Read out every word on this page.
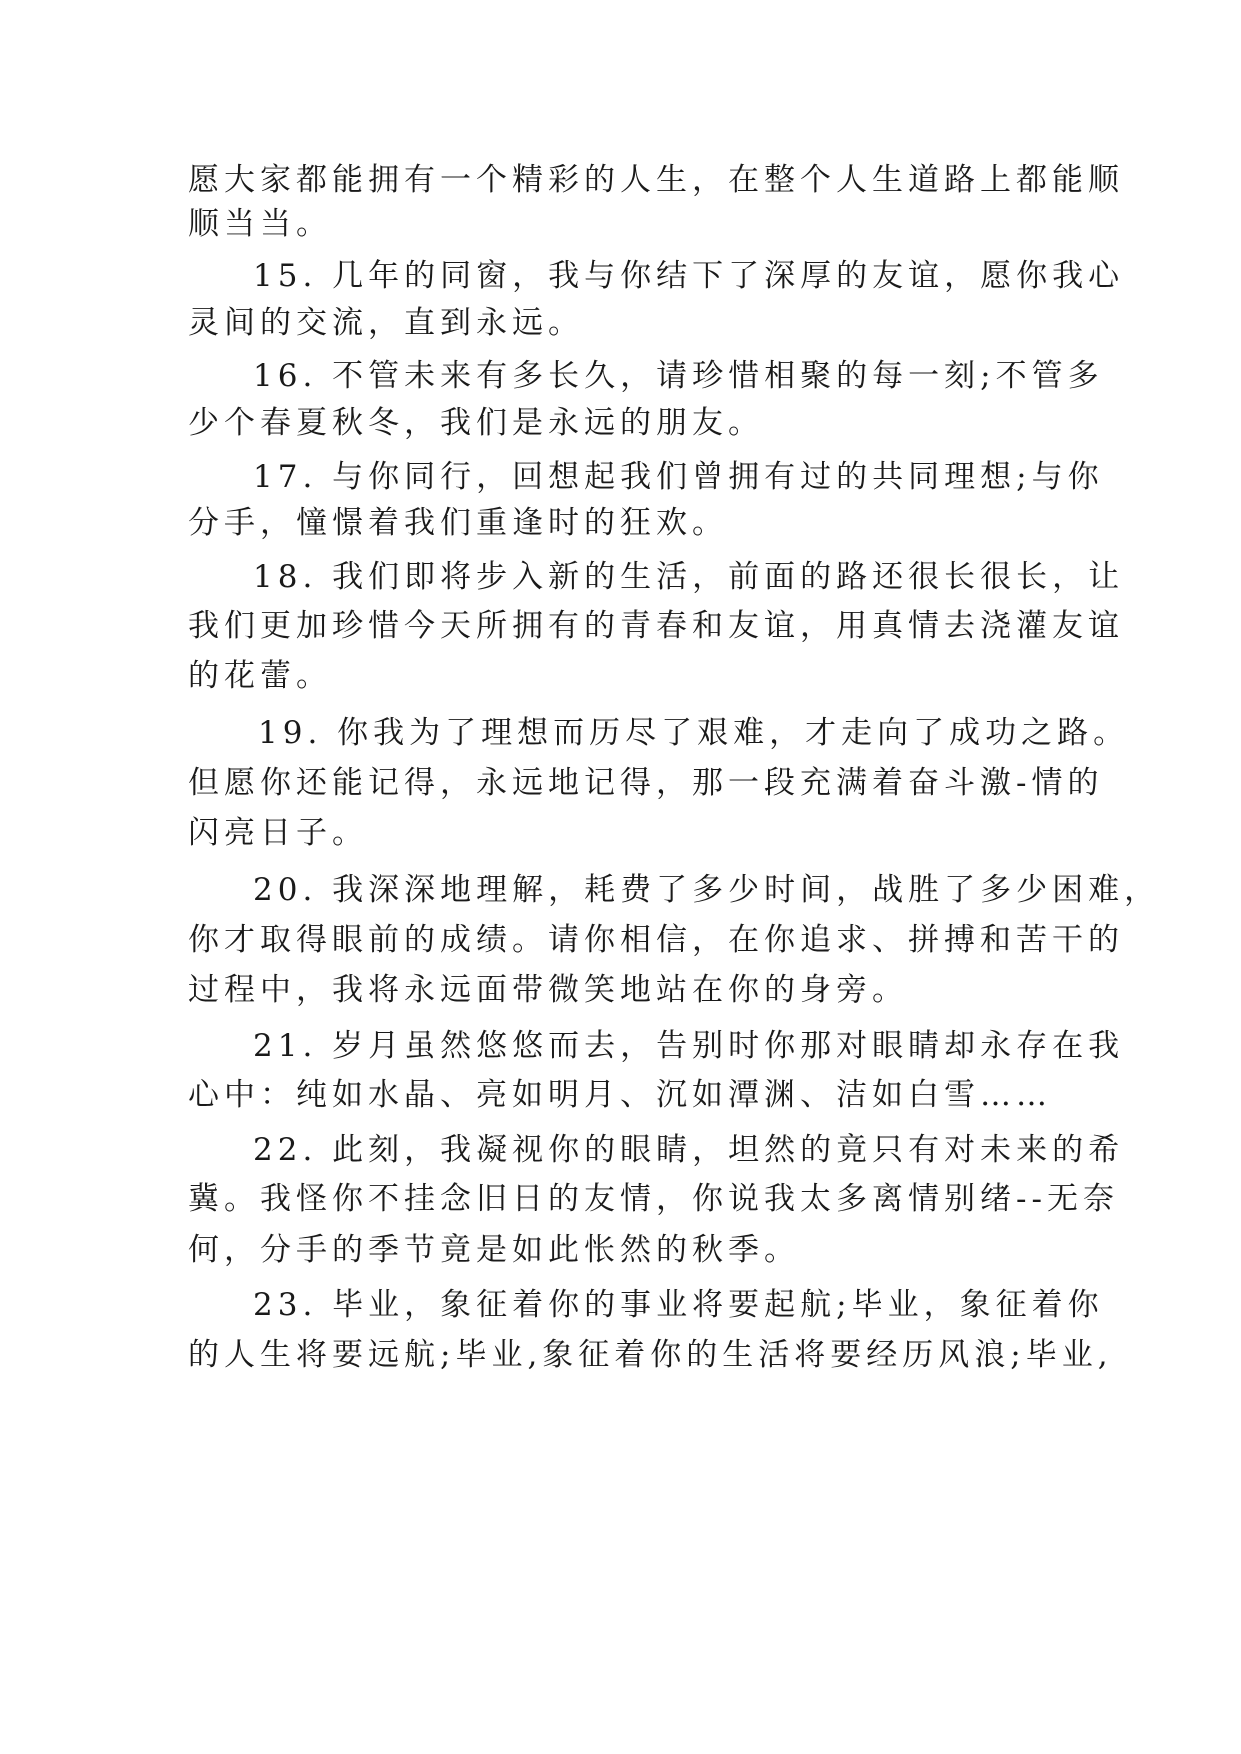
愿大家都能拥有一个精彩的人生，在整个人生道路上都能顺
顺当当。
15. 几年的同窗，我与你结下了深厚的友谊，愿你我心
灵间的交流，直到永远。
16. 不管未来有多长久，请珍惜相聚的每一刻;不管多
少个春夏秋冬，我们是永远的朋友。
17. 与你同行，回想起我们曾拥有过的共同理想;与你
分手，憧憬着我们重逢时的狂欢。
18. 我们即将步入新的生活，前面的路还很长很长，让
我们更加珍惜今天所拥有的青春和友谊，用真情去浇灌友谊
的花蕾。
19. 你我为了理想而历尽了艰难，才走向了成功之路。
但愿你还能记得，永远地记得，那一段充满着奋斗激-情的
闪亮日子。
20. 我深深地理解，耗费了多少时间，战胜了多少困难，
你才取得眼前的成绩。请你相信，在你追求、拼搏和苦干的
过程中，我将永远面带微笑地站在你的身旁。
21. 岁月虽然悠悠而去，告别时你那对眼睛却永存在我
心中：纯如水晶、亮如明月、沉如潭渊、洁如白雪……
22. 此刻，我凝视你的眼睛，坦然的竟只有对未来的希
冀。我怪你不挂念旧日的友情，你说我太多离情别绪--无奈
何，分手的季节竟是如此怅然的秋季。
23. 毕业，象征着你的事业将要起航;毕业，象征着你
的人生将要远航;毕业,象征着你的生活将要经历风浪;毕业,
